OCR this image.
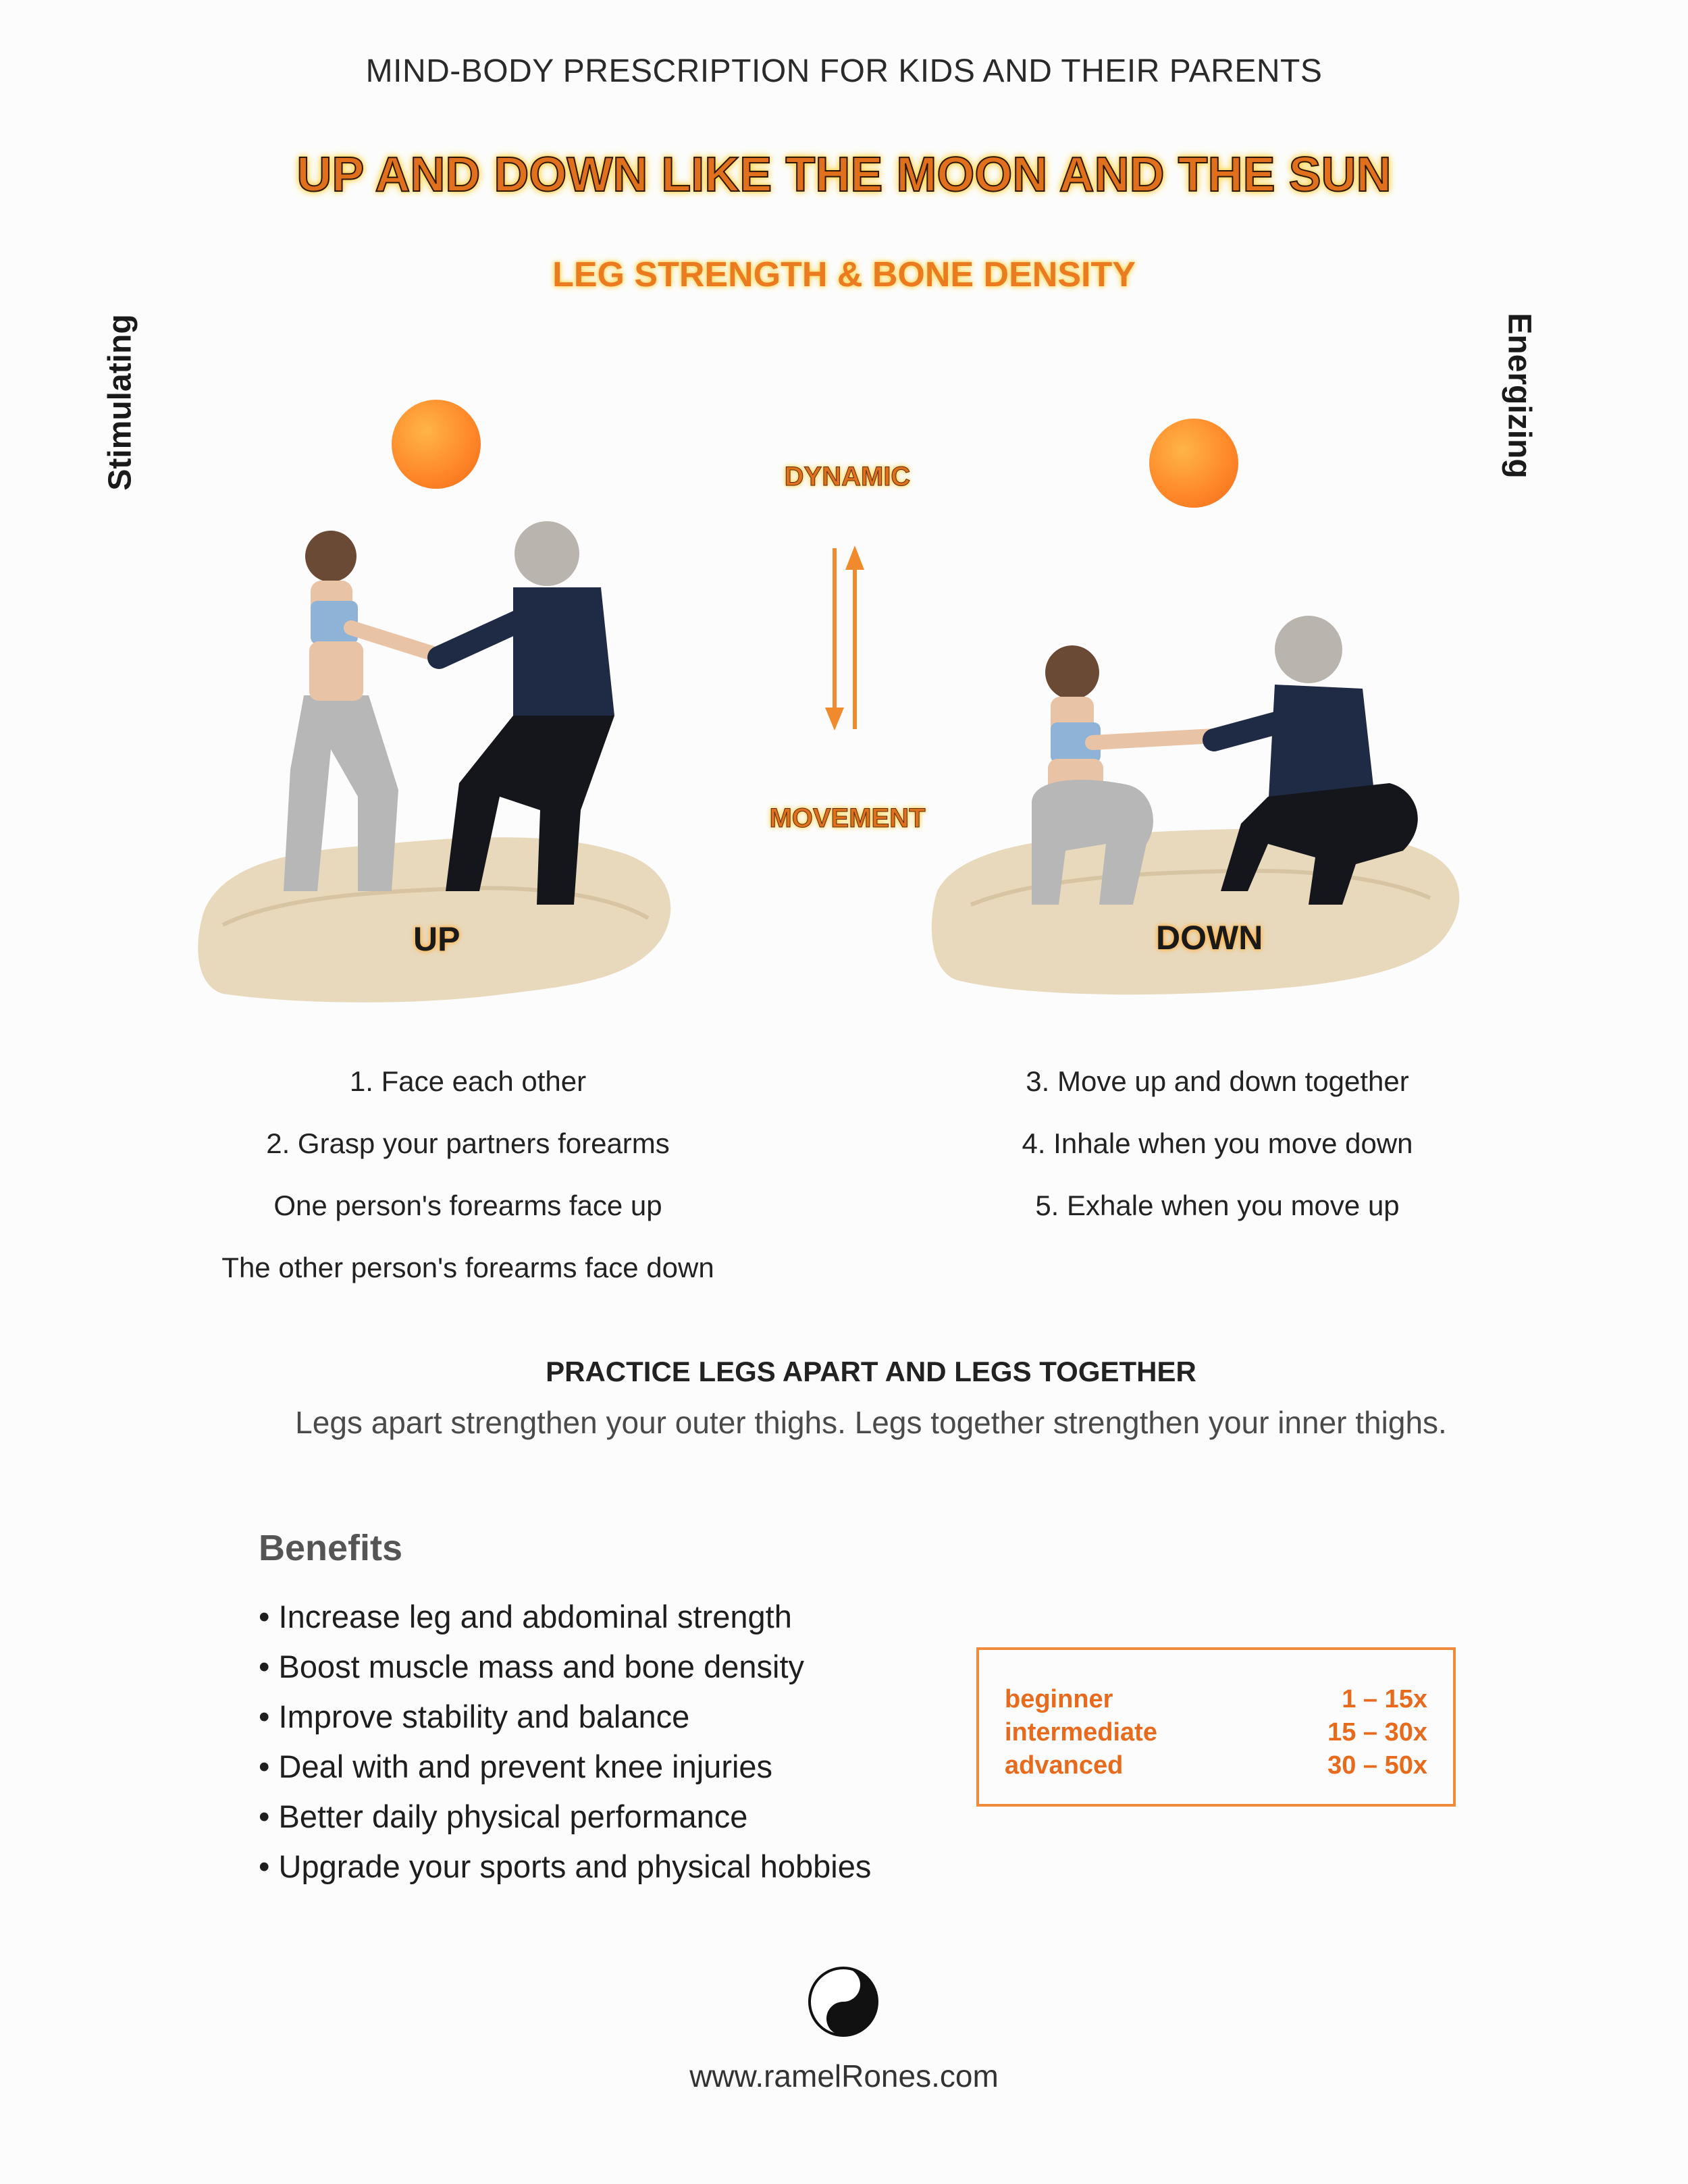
MIND-BODY PRESCRIPTION FOR KIDS AND THEIR PARENTS
UP AND DOWN LIKE THE MOON AND THE SUN
LEG STRENGTH & BONE DENSITY
Stimulating	Energizing
DYNAMIC
MOVEMENT
UP	DOWN
1. Face each other
2. Grasp your partners forearms
One person's forearms face up
The other person's forearms face down
3. Move up and down together
4. Inhale when you move down
5. Exhale when you move up
PRACTICE LEGS APART AND LEGS TOGETHER
Legs apart strengthen your outer thighs. Legs together strengthen your inner thighs.
Benefits
• Increase leg and abdominal strength
• Boost muscle mass and bone density
• Improve stability and balance
• Deal with and prevent knee injuries
• Better daily physical performance
• Upgrade your sports and physical hobbies
beginner	1 – 15x
intermediate	15 – 30x
advanced	30 – 50x
R
R
www.ramelRones.com
